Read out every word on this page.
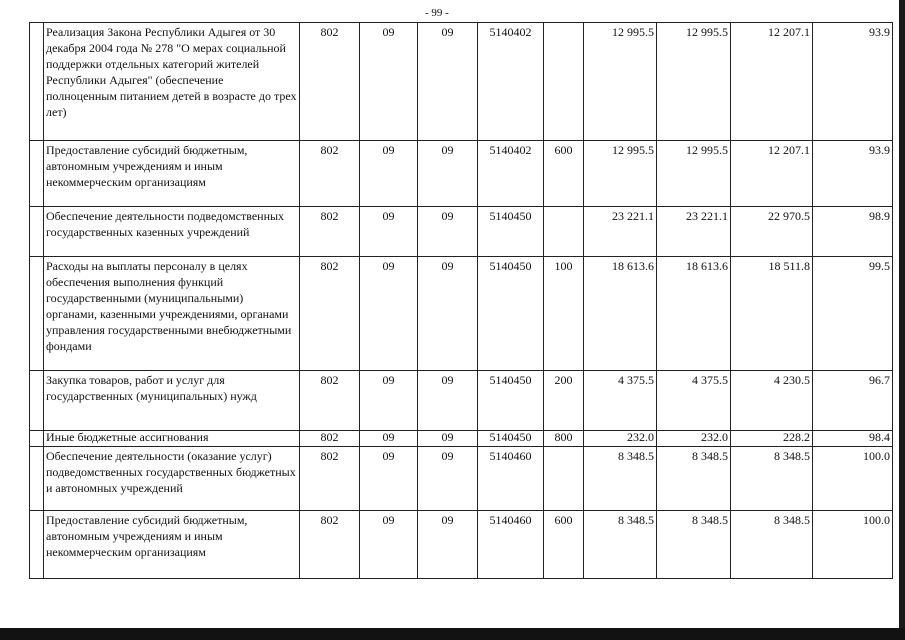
- 99 -
	Реализация Закона Республики Адыгея от 30 декабря 2004 года № 278 "О мерах социальной поддержки отдельных категорий жителей Республики Адыгея" (обеспечение полноценным питанием детей в возрасте до трех лет)	802	09	09	5140402		12 995.5	12 995.5	12 207.1	93.9
	Предоставление субсидий бюджетным, автономным учреждениям и иным некоммерческим организациям	802	09	09	5140402	600	12 995.5	12 995.5	12 207.1	93.9
	Обеспечение деятельности подведомственных государственных казенных учреждений	802	09	09	5140450		23 221.1	23 221.1	22 970.5	98.9
	Расходы на выплаты персоналу в целях обеспечения выполнения функций государственными (муниципальными) органами, казенными учреждениями, органами управления государственными внебюджетными фондами	802	09	09	5140450	100	18 613.6	18 613.6	18 511.8	99.5
	Закупка товаров, работ и услуг для государственных (муниципальных) нужд	802	09	09	5140450	200	4 375.5	4 375.5	4 230.5	96.7
	Иные бюджетные ассигнования	802	09	09	5140450	800	232.0	232.0	228.2	98.4
	Обеспечение деятельности (оказание услуг) подведомственных государственных бюджетных и автономных учреждений	802	09	09	5140460		8 348.5	8 348.5	8 348.5	100.0
	Предоставление субсидий бюджетным, автономным учреждениям и иным некоммерческим организациям	802	09	09	5140460	600	8 348.5	8 348.5	8 348.5	100.0
